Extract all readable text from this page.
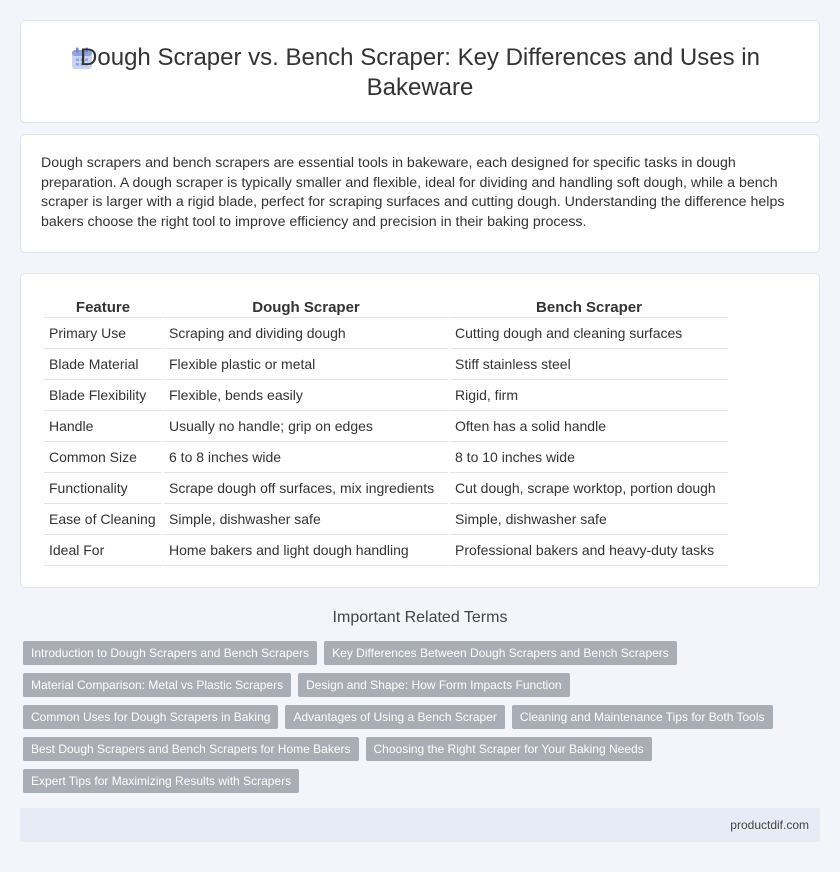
Dough Scraper vs. Bench Scraper: Key Differences and Uses in Bakeware

Dough scrapers and bench scrapers are essential tools in bakeware, each designed for specific tasks in dough preparation. A dough scraper is typically smaller and flexible, ideal for dividing and handling soft dough, while a bench scraper is larger with a rigid blade, perfect for scraping surfaces and cutting dough. Understanding the difference helps bakers choose the right tool to improve efficiency and precision in their baking process.

Feature	Dough Scraper	Bench Scraper
Primary Use	Scraping and dividing dough	Cutting dough and cleaning surfaces
Blade Material	Flexible plastic or metal	Stiff stainless steel
Blade Flexibility	Flexible, bends easily	Rigid, firm
Handle	Usually no handle; grip on edges	Often has a solid handle
Common Size	6 to 8 inches wide	8 to 10 inches wide
Functionality	Scrape dough off surfaces, mix ingredients	Cut dough, scrape worktop, portion dough
Ease of Cleaning	Simple, dishwasher safe	Simple, dishwasher safe
Ideal For	Home bakers and light dough handling	Professional bakers and heavy-duty tasks
Important Related Terms
Introduction to Dough Scrapers and Bench Scrapers	Key Differences Between Dough Scrapers and Bench Scrapers
Material Comparison: Metal vs Plastic Scrapers	Design and Shape: How Form Impacts Function
Common Uses for Dough Scrapers in Baking	Advantages of Using a Bench Scraper	Cleaning and Maintenance Tips for Both Tools
Best Dough Scrapers and Bench Scrapers for Home Bakers	Choosing the Right Scraper for Your Baking Needs
Expert Tips for Maximizing Results with Scrapers
productdif.com
